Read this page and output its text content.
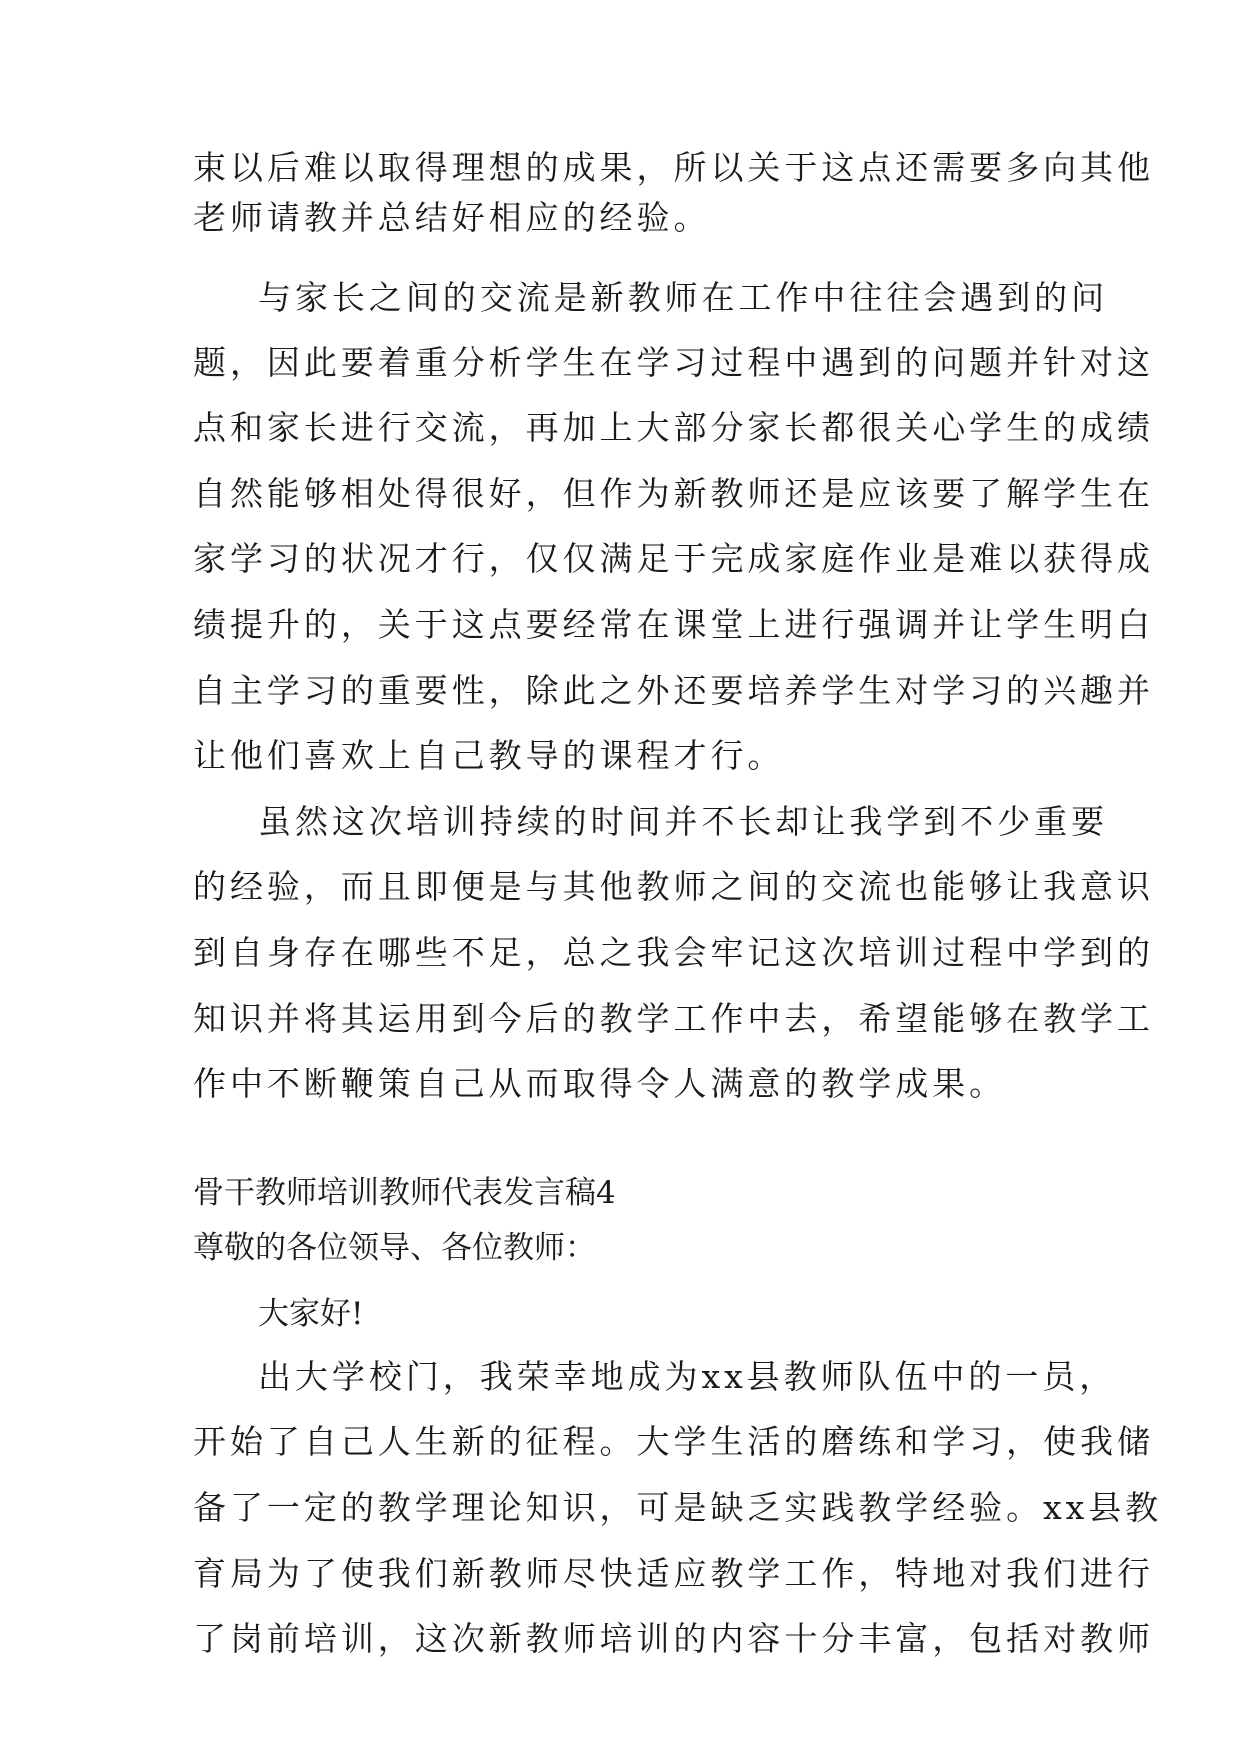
束以后难以取得理想的成果，所以关于这点还需要多向其他
老师请教并总结好相应的经验。
与家长之间的交流是新教师在工作中往往会遇到的问
题，因此要着重分析学生在学习过程中遇到的问题并针对这
点和家长进行交流，再加上大部分家长都很关心学生的成绩
自然能够相处得很好，但作为新教师还是应该要了解学生在
家学习的状况才行，仅仅满足于完成家庭作业是难以获得成
绩提升的，关于这点要经常在课堂上进行强调并让学生明白
自主学习的重要性，除此之外还要培养学生对学习的兴趣并
让他们喜欢上自己教导的课程才行。
虽然这次培训持续的时间并不长却让我学到不少重要
的经验，而且即便是与其他教师之间的交流也能够让我意识
到自身存在哪些不足，总之我会牢记这次培训过程中学到的
知识并将其运用到今后的教学工作中去，希望能够在教学工
作中不断鞭策自己从而取得令人满意的教学成果。
骨干教师培训教师代表发言稿4
尊敬的各位领导、各位教师：
大家好!
出大学校门，我荣幸地成为xx县教师队伍中的一员，
开始了自己人生新的征程。大学生活的磨练和学习，使我储
备了一定的教学理论知识，可是缺乏实践教学经验。xx县教
育局为了使我们新教师尽快适应教学工作，特地对我们进行
了岗前培训，这次新教师培训的内容十分丰富，包括对教师
